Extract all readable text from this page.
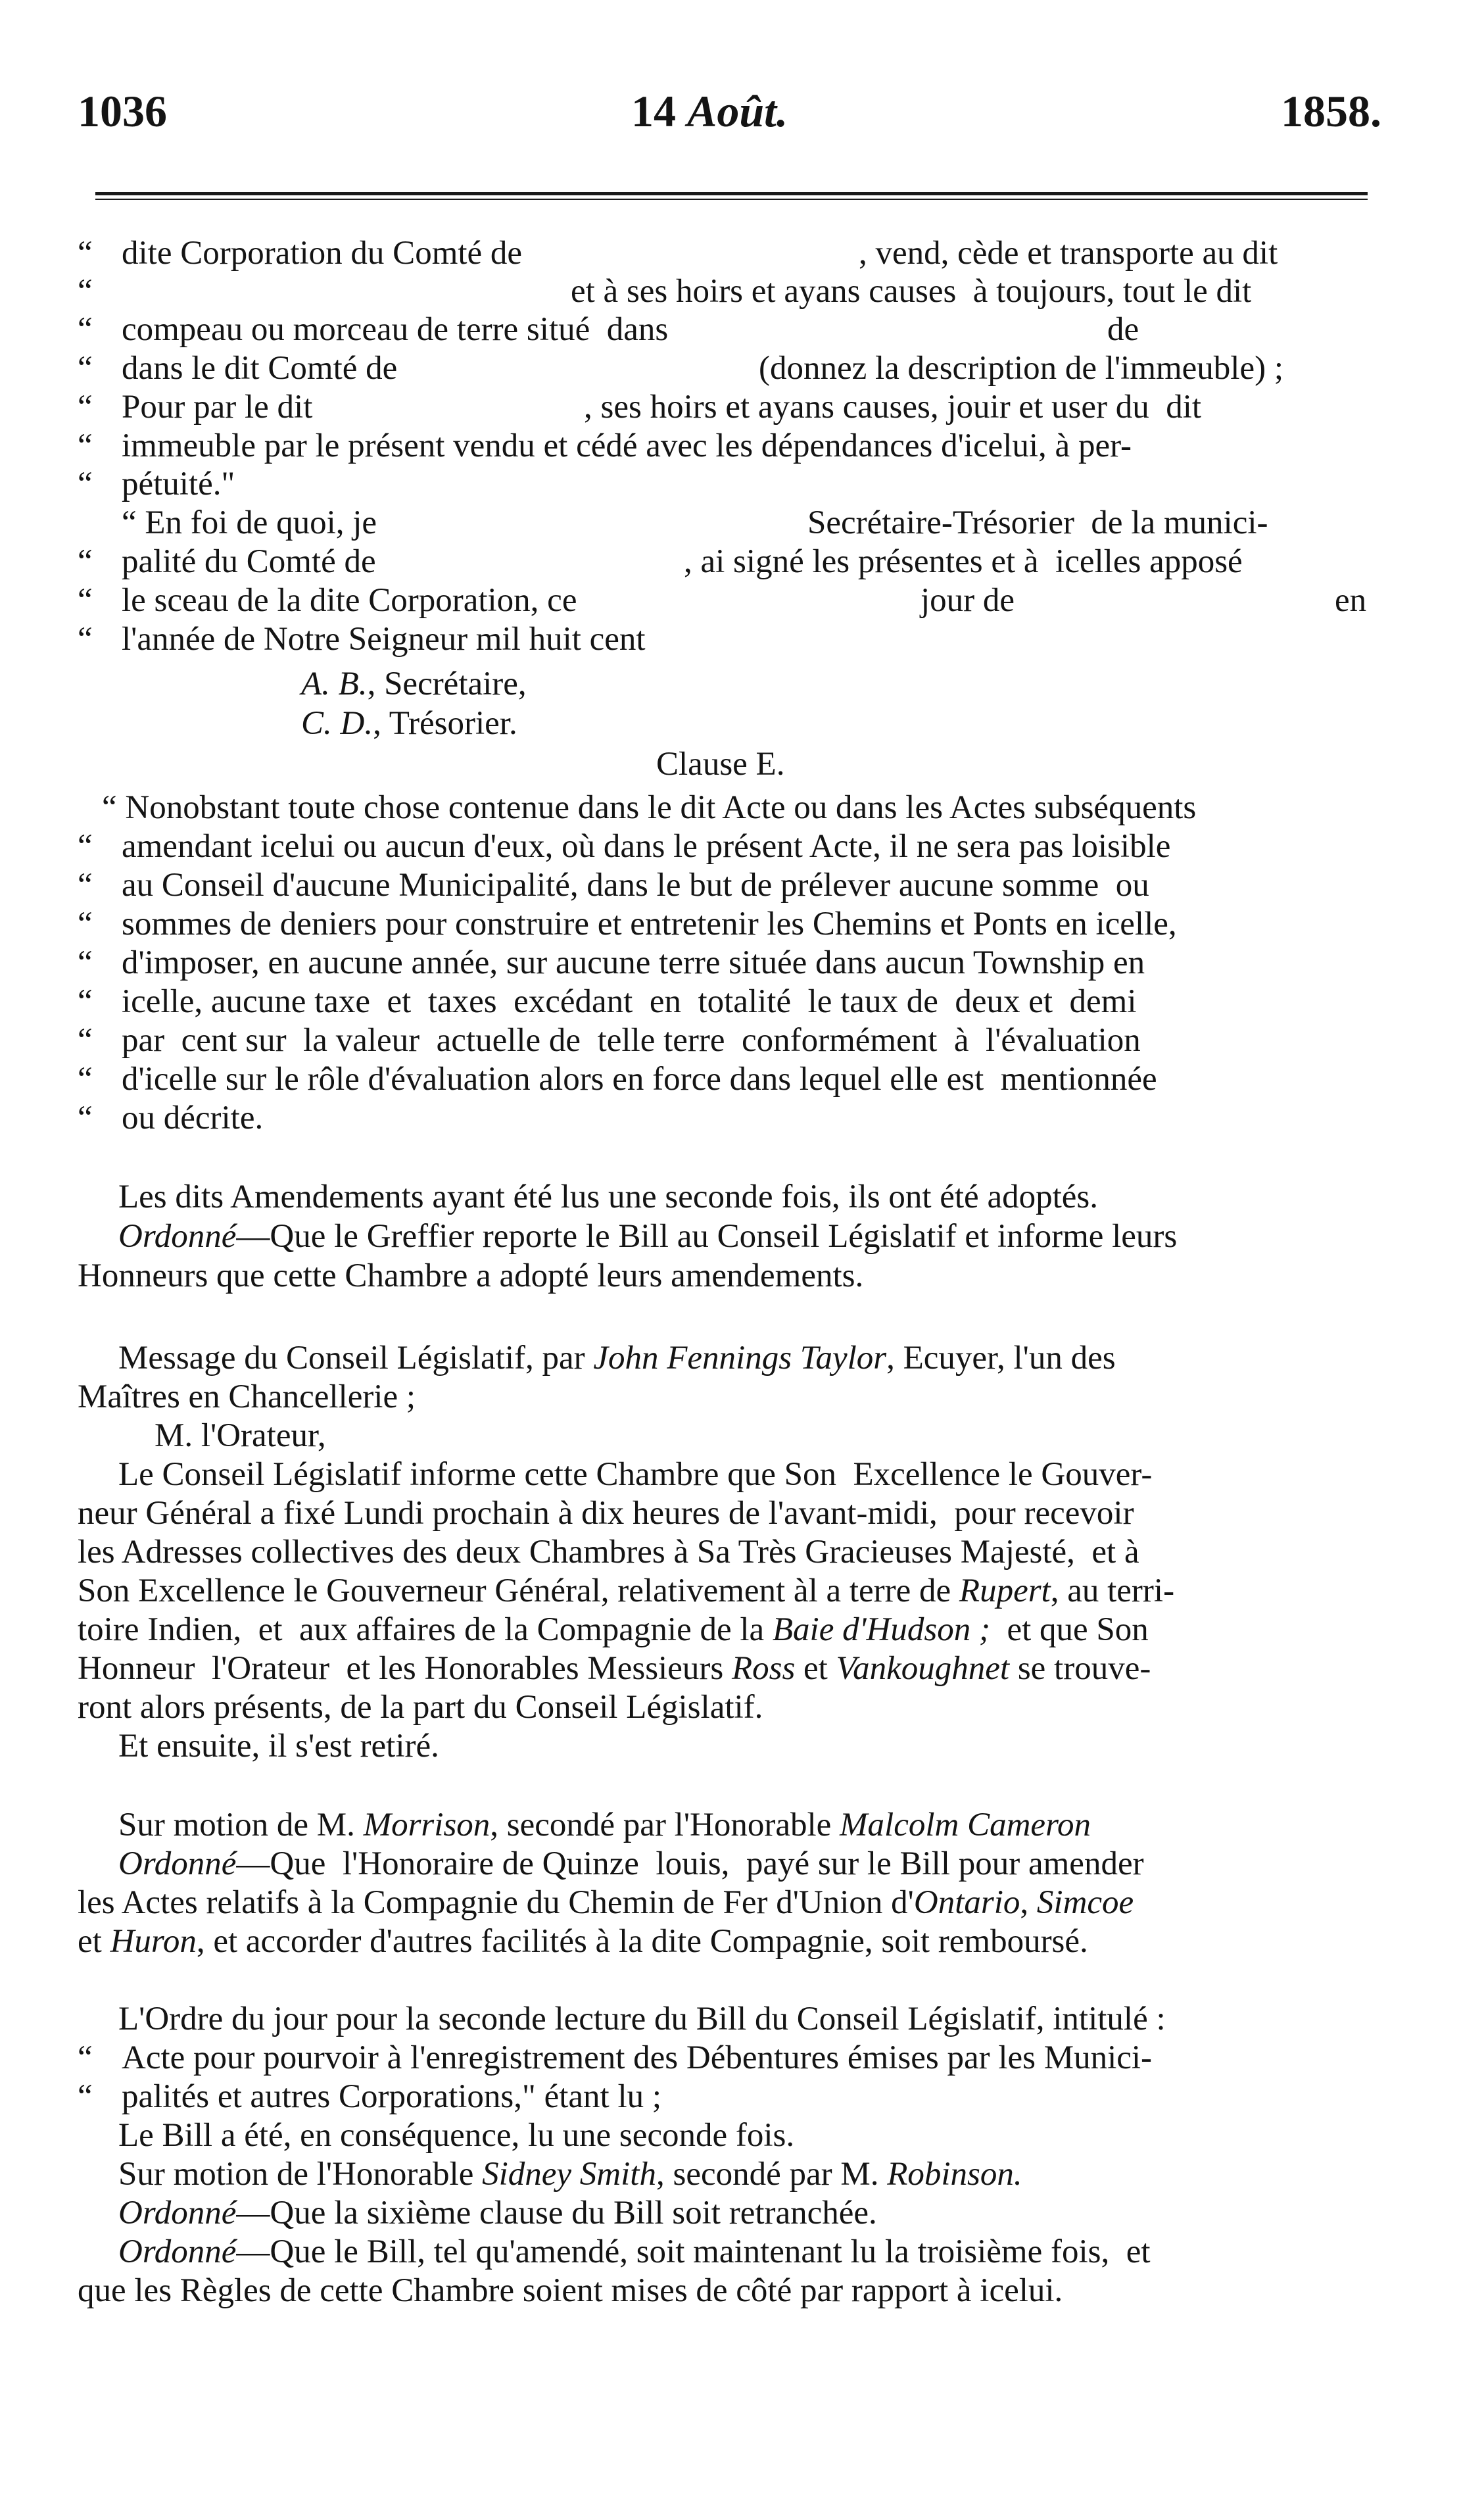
1036	14 Août.	1858.
“ dite Corporation du Comté de	, vend, cède et transporte au dit
“	et à ses hoirs et ayans causes  à toujours, tout le dit
“ compeau ou morceau de terre situé  dans	de
“ dans le dit Comté de	(donnez la description de l'immeuble) ;
“ Pour par le dit	, ses hoirs et ayans causes, jouir et user du  dit
“ immeuble par le présent vendu et cédé avec les dépendances d'icelui, à per-
“ pétuité."
“ En foi de quoi, je	Secrétaire-Trésorier  de la munici-
“ palité du Comté de	, ai signé les présentes et à  icelles apposé
“ le sceau de la dite Corporation, ce	jour de	en
“ l'année de Notre Seigneur mil huit cent
A. B., Secrétaire,
C. D., Trésorier.
Clause E.
“ Nonobstant toute chose contenue dans le dit Acte ou dans les Actes subséquents
“ amendant icelui ou aucun d'eux, où dans le présent Acte, il ne sera pas loisible
“ au Conseil d'aucune Municipalité, dans le but de prélever aucune somme  ou
“ sommes de deniers pour construire et entretenir les Chemins et Ponts en icelle,
“ d'imposer, en aucune année, sur aucune terre située dans aucun Township en
“ icelle, aucune taxe  et  taxes  excédant  en  totalité  le taux de  deux et  demi
“ par  cent sur  la valeur  actuelle de  telle terre  conformément  à  l'évaluation
“ d'icelle sur le rôle d'évaluation alors en force dans lequel elle est  mentionnée
“ ou décrite.
Les dits Amendements ayant été lus une seconde fois, ils ont été adoptés.
Ordonné—Que le Greffier reporte le Bill au Conseil Législatif et informe leurs
Honneurs que cette Chambre a adopté leurs amendements.
Message du Conseil Législatif, par John Fennings Taylor, Ecuyer, l'un des
Maîtres en Chancellerie ;
M. l'Orateur,
Le Conseil Législatif informe cette Chambre que Son  Excellence le Gouver-
neur Général a fixé Lundi prochain à dix heures de l'avant-midi,  pour recevoir
les Adresses collectives des deux Chambres à Sa Très Gracieuses Majesté,  et à
Son Excellence le Gouverneur Général, relativement àl a terre de Rupert, au terri-
toire Indien,  et  aux affaires de la Compagnie de la Baie d'Hudson ;  et que Son
Honneur  l'Orateur  et les Honorables Messieurs Ross et Vankoughnet se trouve-
ront alors présents, de la part du Conseil Législatif.
Et ensuite, il s'est retiré.
Sur motion de M. Morrison, secondé par l'Honorable Malcolm Cameron
Ordonné—Que  l'Honoraire de Quinze  louis,  payé sur le Bill pour amender
les Actes relatifs à la Compagnie du Chemin de Fer d'Union d'Ontario, Simcoe
et Huron, et accorder d'autres facilités à la dite Compagnie, soit remboursé.
L'Ordre du jour pour la seconde lecture du Bill du Conseil Législatif, intitulé :
“ Acte pour pourvoir à l'enregistrement des Débentures émises par les Munici-
“ palités et autres Corporations," étant lu ;
Le Bill a été, en conséquence, lu une seconde fois.
Sur motion de l'Honorable Sidney Smith, secondé par M. Robinson.
Ordonné—Que la sixième clause du Bill soit retranchée.
Ordonné—Que le Bill, tel qu'amendé, soit maintenant lu la troisième fois,  et
que les Règles de cette Chambre soient mises de côté par rapport à icelui.
